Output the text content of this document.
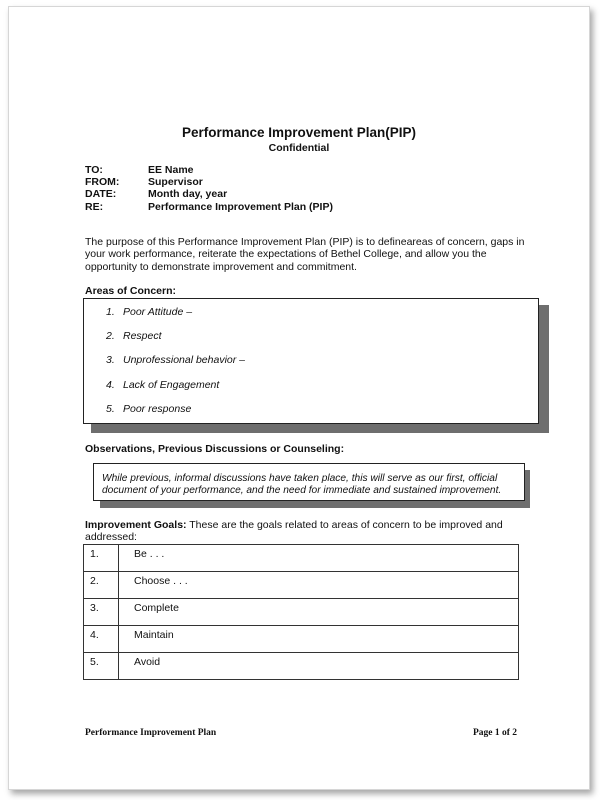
Performance Improvement Plan(PIP)
Confidential
TO:	EE Name
FROM:	Supervisor
DATE:	Month day, year
RE:	Performance Improvement Plan (PIP)
The purpose of this Performance Improvement Plan (PIP) is to defineareas of concern, gaps in your work performance, reiterate the expectations of Bethel College, and allow you the opportunity to demonstrate improvement and commitment.
Areas of Concern:
1. Poor Attitude –
2. Respect
3. Unprofessional behavior –
4. Lack of Engagement
5. Poor response
Observations, Previous Discussions or Counseling:
While previous, informal discussions have taken place, this will serve as our first, official document of your performance, and the need for immediate and sustained improvement.
Improvement Goals: These are the goals related to areas of concern to be improved and addressed:
1.	Be . . .
2.	Choose . . .
3.	Complete
4.	Maintain
5.	Avoid
Performance Improvement Plan	Page 1 of 2
